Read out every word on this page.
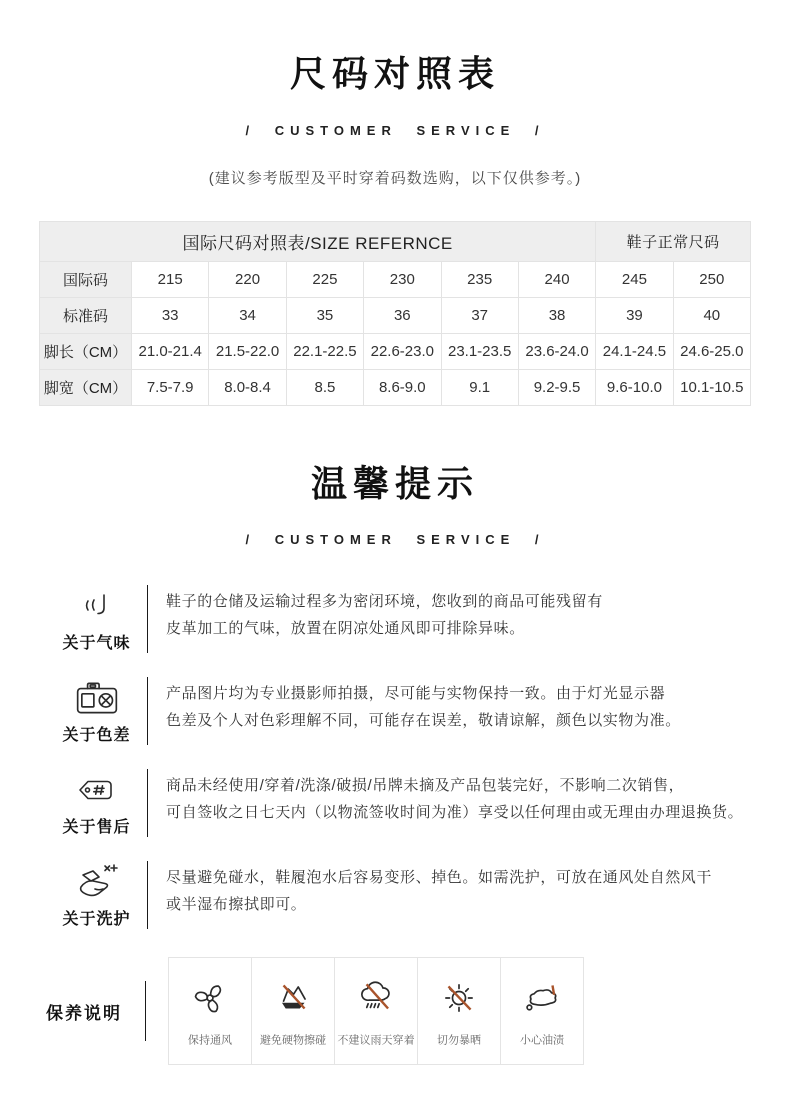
尺码对照表
/ CUSTOMER SERVICE /
(建议参考版型及平时穿着码数选购，以下仅供参考。)
国际尺码对照表/SIZE REFERNCE							鞋子正常尺码	
国际码	215	220	225	230	235	240	245	250
标准码	33	34	35	36	37	38	39	40
脚长（CM）	21.0-21.4	21.5-22.0	22.1-22.5	22.6-23.0	23.1-23.5	23.6-24.0	24.1-24.5	24.6-25.0
脚宽（CM）	7.5-7.9	8.0-8.4	8.5	8.6-9.0	9.1	9.2-9.5	9.6-10.0	10.1-10.5
温馨提示
/ CUSTOMER SERVICE /
关于气味
鞋子的仓储及运输过程多为密闭环境，您收到的商品可能残留有
皮革加工的气味，放置在阴凉处通风即可排除异味。
关于色差
产品图片均为专业摄影师拍摄，尽可能与实物保持一致。由于灯光显示器
色差及个人对色彩理解不同，可能存在误差，敬请谅解，颜色以实物为准。
关于售后
商品未经使用/穿着/洗涤/破损/吊牌未摘及产品包装完好，不影响二次销售，
可自签收之日七天内（以物流签收时间为准）享受以任何理由或无理由办理退换货。
关于洗护
尽量避免碰水，鞋履泡水后容易变形、掉色。如需洗护，可放在通风处自然风干
或半湿布擦拭即可。
保养说明
保持通风 避免硬物擦碰 不建议雨天穿着 切勿暴晒	小心油渍
